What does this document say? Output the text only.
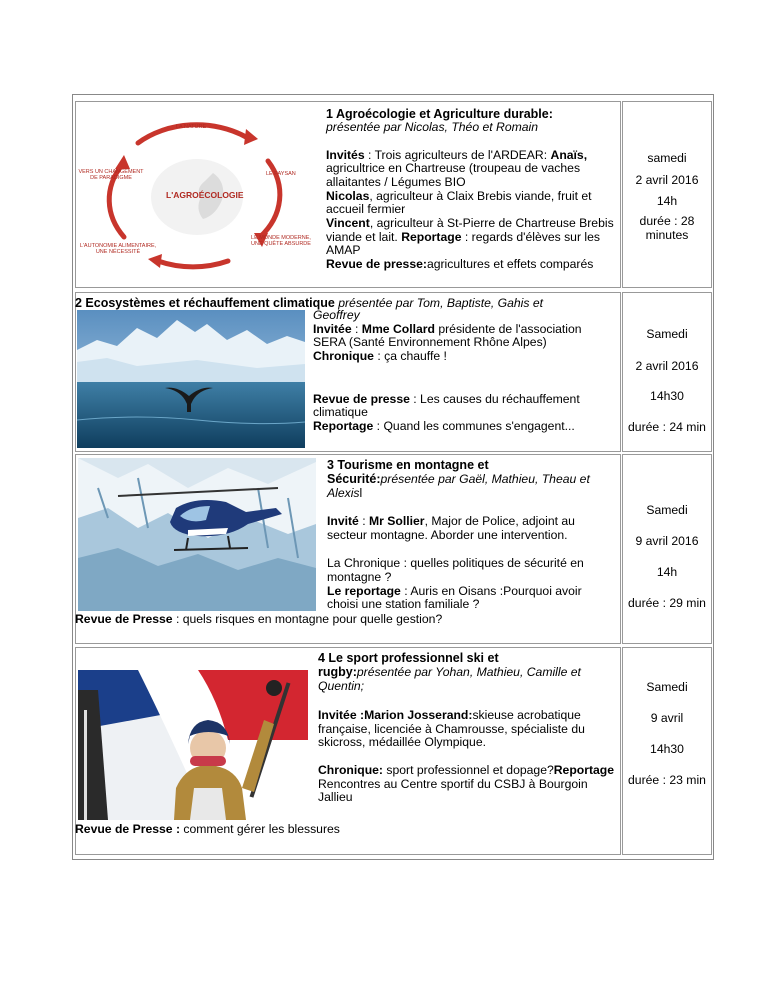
L'AGROÉCOLOGIE
LA NATURE
LE PAYSAN
LE MONDE MODERNE, UNE QUÊTE ABSURDE
L'AUTONOMIE ALIMENTAIRE, UNE NÉCESSITÉ
VERS UN CHANGEMENT DE PARADIGME
1 Agroécologie et Agriculture durable:
présentée par Nicolas, Théo et Romain
Invités : Trois agriculteurs de l'ARDEAR: Anaïs, agricultrice en Chartreuse (troupeau de vaches allaitantes / Légumes BIO
Nicolas, agriculteur à Claix Brebis viande, fruit et accueil fermier
Vincent, agriculteur à St-Pierre de Chartreuse Brebis viande et lait. Reportage : regards d'élèves sur les AMAP
Revue de presse:agricultures et effets comparés
samedi
2 avril 2016
14h
durée : 28 minutes
2 Ecosystèmes et réchauffement climatique présentée par Tom, Baptiste, Gahis et
Geoffrey
Invitée : Mme Collard présidente de l'association SERA (Santé Environnement Rhône Alpes)
Chronique : ça chauffe !
Revue de presse : Les causes du réchauffement climatique
Reportage : Quand les communes s'engagent...
Samedi
2 avril 2016
14h30
durée : 24 min
3 Tourisme en montagne et
Sécurité:présentée par Gaël, Mathieu, Theau et
Alexisl
Invité : Mr Sollier, Major de Police, adjoint au secteur montagne. Aborder une intervention.
La Chronique : quelles politiques de sécurité en montagne ?
Le reportage : Auris en Oisans :Pourquoi avoir choisi une station familiale ?
Revue de Presse : quels risques en montagne pour quelle gestion?
Samedi
9 avril 2016
14h
durée : 29 min
4 Le sport professionnel ski et
rugby:présentée par Yohan, Mathieu, Camille et
Quentin;
Invitée :Marion Josserand:skieuse acrobatique française, licenciée à Chamrousse, spécialiste du skicross, médaillée Olympique.
Chronique: sport professionnel et dopage?Reportage Rencontres au Centre sportif du CSBJ à Bourgoin Jallieu
Revue de Presse : comment gérer les blessures
Samedi
9 avril
14h30
durée : 23 min
